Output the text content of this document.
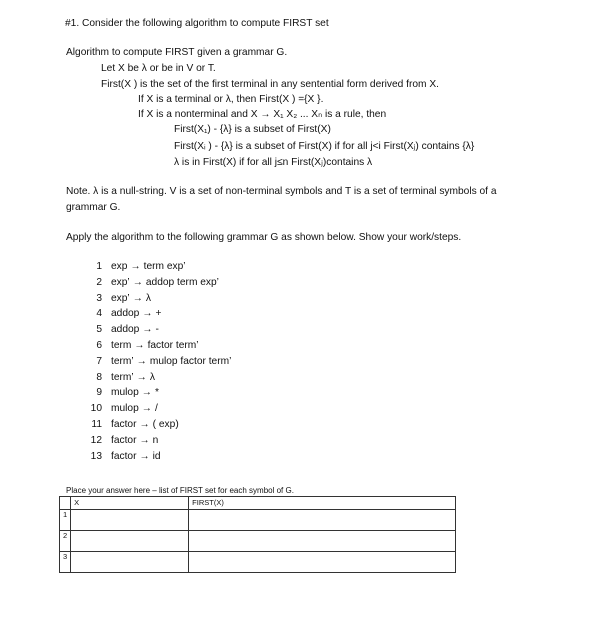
#1. Consider the following algorithm to compute FIRST set
Algorithm to compute FIRST given a grammar G.
Let X be λ or be in V or T.
First(X ) is the set of the first terminal in any sentential form derived from X.
If X is a terminal or λ, then First(X ) ={X }.
If X is a nonterminal and X → X₁ X₂ ... Xₙ is a rule, then
First(X₁) - {λ} is a subset of First(X)
First(Xᵢ ) - {λ} is a subset of First(X) if for all j<i First(Xⱼ) contains {λ}
λ is in First(X) if for all j≤n First(Xⱼ)contains λ
Note. λ is a null-string. V is a set of non-terminal symbols and T is a set of terminal symbols of a
grammar G.
Apply the algorithm to the following grammar G as shown below. Show your work/steps.
1 exp → term exp’
2 exp’ → addop term exp’
3 exp’ → λ
4 addop → +
5 addop → -
6 term → factor term’
7 term’ → mulop factor term’
8 term’ → λ
9 mulop → *
10 mulop → /
11 factor → ( exp)
12 factor → n
13 factor → id
Place your answer here – list of FIRST set for each symbol of G.
	X	FIRST(X)
1		
2		
3		
